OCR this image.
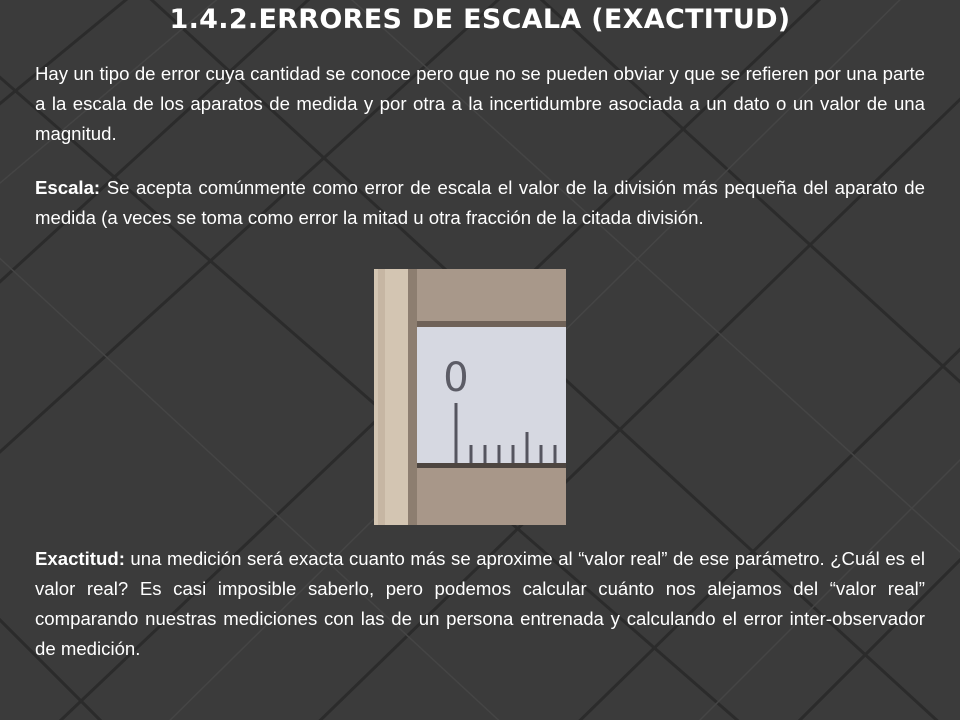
1.4.2.ERRORES DE ESCALA (EXACTITUD)

Hay un tipo de error cuya cantidad se conoce pero que no se pueden obviar y que se refieren por una parte a la escala de los aparatos de medida y por otra a la incertidumbre asociada a un dato o un valor de una magnitud.

Escala: Se acepta comúnmente como error de escala el valor de la división más pequeña del aparato de medida (a veces se toma como error la mitad u otra fracción de la citada división.

0

Exactitud: una medición será exacta cuanto más se aproxime al “valor real” de ese parámetro. ¿Cuál es el valor real? Es casi imposible saberlo, pero podemos calcular cuánto nos alejamos del “valor real” comparando nuestras mediciones con las de un persona entrenada y calculando el error inter-observador de medición.
